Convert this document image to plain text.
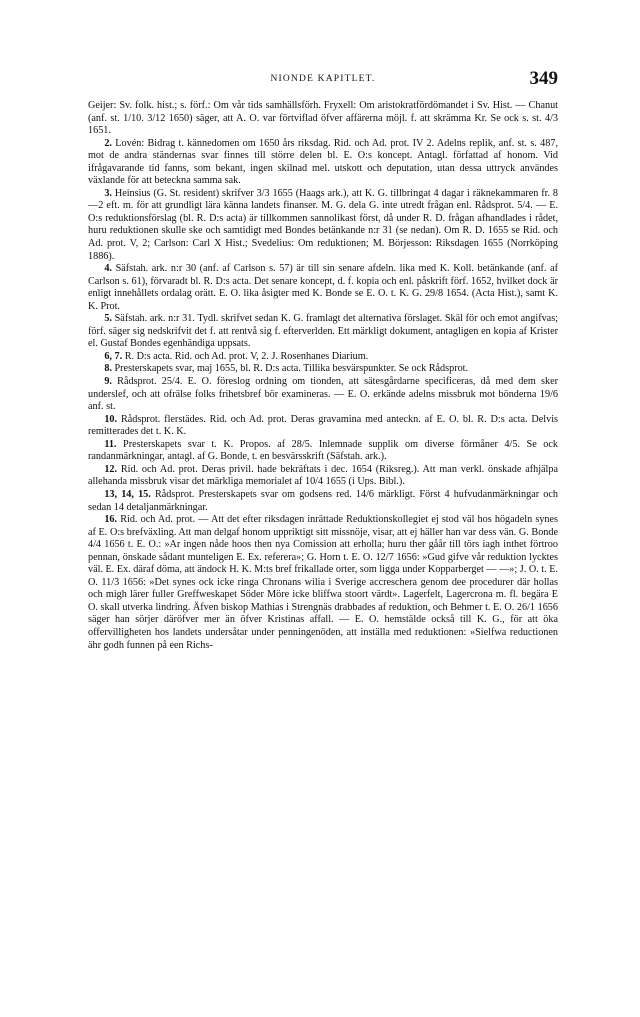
NIONDE KAPITLET.	349

Geijer: Sv. folk. hist.; s. förf.: Om vår tids samhällsförh. Fryxell: Om aristokratfördömandet i Sv. Hist. — Chanut (anf. st. 1/10. 3/12 1650) säger, att A. O. var förtviflad öfver affärerna möjl. f. att skrämma Kr. Se ock s. st. 4/3 1651.

2. Lovén: Bidrag t. kännedomen om 1650 års riksdag. Rid. och Ad. prot. IV 2. Adelns replik, anf. st. s. 487, mot de andra ständernas svar finnes till större delen bl. E. O:s koncept. Antagl. författad af honom. Vid ifrågavarande tid fanns, som bekant, ingen skilnad mel. utskott och deputation, utan dessa uttryck användes växlande för att beteckna samma sak.

3. Heinsius (G. St. resident) skrifver 3/3 1655 (Haags ark.), att K. G. tillbringat 4 dagar i räknekammaren fr. 8—2 eft. m. för att grundligt lära känna landets finanser. M. G. dela G. inte utredt frågan enl. Rådsprot. 5/4. — E. O:s reduktionsförslag (bl. R. D:s acta) är tillkommen sannolikast först, då under R. D. frågan afhandlades i rådet, huru reduktionen skulle ske och samtidigt med Bondes betänkande n:r 31 (se nedan). Om R. D. 1655 se Rid. och Ad. prot. V, 2; Carlson: Carl X Hist.; Svedelius: Om reduktionen; M. Börjesson: Riksdagen 1655 (Norrköping 1886).

4. Säfstah. ark. n:r 30 (anf. af Carlson s. 57) är till sin senare afdeln. lika med K. Koll. betänkande (anf. af Carlson s. 61), förvaradt bl. R. D:s acta. Det senare koncept, d. f. kopia och enl. påskrift förf. 1652, hvilket dock är enligt innehållets ordalag orätt. E. O. lika åsigter med K. Bonde se E. O. t. K. G. 29/8 1654. (Acta Hist.), samt K. K. Prot.

5. Säfstah. ark. n:r 31. Tydl. skrifvet sedan K. G. framlagt det alternativa förslaget. Skäl för och emot angifvas; förf. säger sig nedskrifvit det f. att rentvå sig f. efterverlden. Ett märkligt dokument, antagligen en kopia af Krister el. Gustaf Bondes egenhändiga uppsats.

6, 7. R. D:s acta. Rid. och Ad. prot. V, 2. J. Rosenhanes Diarium.

8. Presterskapets svar, maj 1655, bl. R. D:s acta. Tillika besvärspunkter. Se ock Rådsprot.

9. Rådsprot. 25/4. E. O. föreslog ordning om tionden, att sätesgårdarne specificeras, då med dem sker underslef, och att ofrälse folks frihetsbref bör examineras. — E. O. erkände adelns missbruk mot bönderna 19/6 anf. st.

10. Rådsprot. flerstädes. Rid. och Ad. prot. Deras gravamina med anteckn. af E. O. bl. R. D:s acta. Delvis remitterades det t. K. K.

11. Presterskapets svar t. K. Propos. af 28/5. Inlemnade supplik om diverse förmåner 4/5. Se ock randanmärkningar, antagl. af G. Bonde, t. en besvärsskrift (Säfstah. ark.).

12. Rid. och Ad. prot. Deras privil. hade bekräftats i dec. 1654 (Riksreg.). Att man verkl. önskade afhjälpa allehanda missbruk visar det märkliga memorialet af 10/4 1655 (i Ups. Bibl.).

13, 14, 15. Rådsprot. Presterskapets svar om godsens red. 14/6 märkligt. Först 4 hufvudanmärkningar och sedan 14 detaljanmärkningar.

16. Rid. och Ad. prot. — Att det efter riksdagen inrättade Reduktionskollegiet ej stod väl hos högadeln synes af E. O:s brefväxling. Att man delgaf honom uppriktigt sitt missnöje, visar, att ej häller han var dess vän. G. Bonde 4/4 1656 t. E. O.: »Ar ingen nåde hoos then nya Comission att erholla; huru ther gåår till törs iagh inthet förtroo pennan, önskade sådant munteligen E. Ex. referera»; G. Horn t. E. O. 12/7 1656: »Gud gifve vår reduktion lycktes väl. E. Ex. däraf döma, att ändock H. K. M:ts bref frikallade orter, som ligga under Kopparberget — —»; J. O. t. E. O. 11/3 1656: »Det synes ock icke ringa Chronans wilia i Sverige accreschera genom dee procedurer där hollas och migh lärer fuller Greffweskapet Söder Möre icke bliffwa stoort värdt». Lagerfelt, Lagercrona m. fl. begära E O. skall utverka lindring. Äfven biskop Mathias i Strengnäs drabbades af reduktion, och Behmer t. E. O. 26/1 1656 säger han sörjer däröfver mer än öfver Kristinas affall. — E. O. hemstälde också till K. G., för att öka offervilligheten hos landets undersåtar under penningenöden, att inställa med reduktionen: »Sielfwa reductionen ähr godh funnen på een Richs-
